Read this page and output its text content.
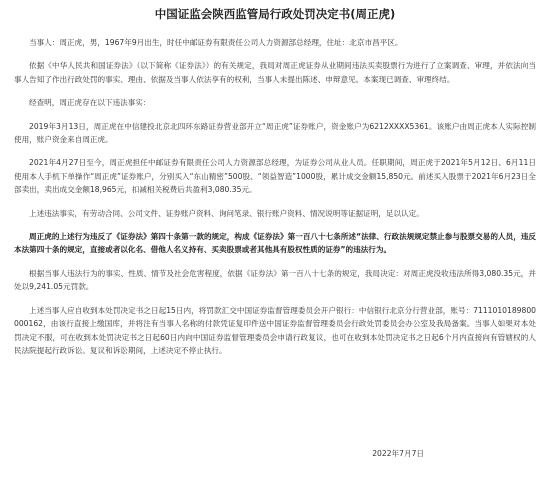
中国证监会陕西监管局行政处罚决定书(周正虎)

当事人：周正虎，男，1967年9月出生，时任中邮证券有限责任公司人力资源部总经理，住址：北京市昌平区。

依据《中华人民共和国证券法》（以下简称《证券法》）的有关规定，我局对周正虎证券从业期间违法买卖股票行为进行了立案调查、审理，并依法向当事人告知了作出行政处罚的事实、理由、依据及当事人依法享有的权利，当事人未提出陈述、申辩意见。本案现已调查、审理终结。

经查明，周正虎存在以下违法事实：

2019年3月13日，周正虎在中信建投北京北四环东路证券营业部开立“周正虎”证券账户，资金账户为6212XXXX5361。该账户由周正虎本人实际控制使用，账户资金来自周正虎。

2021年4月27日至今，周正虎担任中邮证券有限责任公司人力资源部总经理，为证券公司从业人员。任职期间，周正虎于2021年5月12日、6月11日使用本人手机下单操作“周正虎”证券账户，分别买入“东山精密”500股、“领益智造”1000股，累计成交金额15,850元。前述买入股票于2021年6月23日全部卖出，卖出成交金额18,965元，扣减相关税费后共盈利3,080.35元。

上述违法事实，有劳动合同、公司文件、证券账户资料、询问笔录、银行账户资料、情况说明等证据证明，足以认定。

周正虎的上述行为违反了《证券法》第四十条第一款的规定，构成《证券法》第一百八十七条所述“法律、行政法规规定禁止参与股票交易的人员，违反本法第四十条的规定，直接或者以化名、借他人名义持有、买卖股票或者其他具有股权性质的证券”的违法行为。

根据当事人违法行为的事实、性质、情节及社会危害程度，依据《证券法》第一百八十七条的规定，我局决定：对周正虎没收违法所得3,080.35元，并处以9,241.05元罚款。

上述当事人应自收到本处罚决定书之日起15日内，将罚款汇交中国证券监督管理委员会开户银行：中信银行北京分行营业部，账号：7111010189800000162，由该行直接上缴国库，并将注有当事人名称的付款凭证复印件送中国证券监督管理委员会行政处罚委员会办公室及我局备案。当事人如果对本处罚决定不服，可在收到本处罚决定书之日起60日内向中国证券监督管理委员会申请行政复议，也可在收到本处罚决定书之日起6个月内直接向有管辖权的人民法院提起行政诉讼。复议和诉讼期间，上述决定不停止执行。

2022年7月7日
